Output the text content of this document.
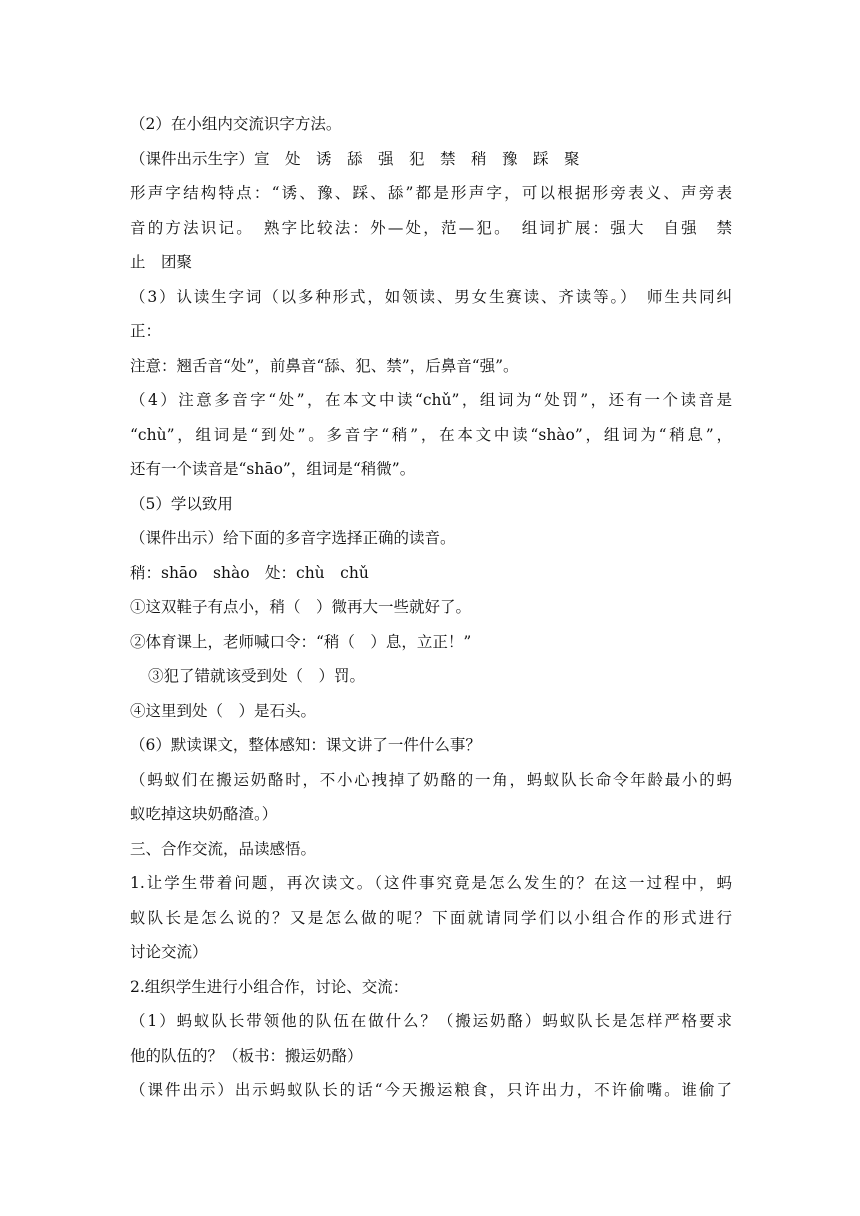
（2）在小组内交流识字方法。
（课件出示生字）宣　处　诱　舔　强　犯　禁　稍　豫　踩　聚
形声字结构特点：“诱、豫、踩、舔”都是形声字，可以根据形旁表义、声旁表
音的方法识记。　熟字比较法：外—处，范—犯。　组词扩展：强大　自强　禁
止　团聚
（3）认读生字词（以多种形式，如领读、男女生赛读、齐读等。）　师生共同纠
正：
注意：翘舌音“处”，前鼻音“舔、犯、禁”，后鼻音“强”。
（4）注意多音字“处”，在本文中读“chǔ”，组词为“处罚”，还有一个读音是
“chù”，组词是“到处”。多音字“稍”，在本文中读“shào”，组词为“稍息”，
还有一个读音是“shāo”，组词是“稍微”。
（5）学以致用
（课件出示）给下面的多音字选择正确的读音。
稍：shāo　shào　处：chù　chǔ
①这双鞋子有点小，稍（　）微再大一些就好了。
②体育课上，老师喊口令：“稍（　）息，立正！”
③犯了错就该受到处（　）罚。
④这里到处（　）是石头。
（6）默读课文，整体感知：课文讲了一件什么事？
（蚂蚁们在搬运奶酪时，不小心拽掉了奶酪的一角，蚂蚁队长命令年龄最小的蚂
蚁吃掉这块奶酪渣。）
三、合作交流，品读感悟。
1.让学生带着问题，再次读文。（这件事究竟是怎么发生的？在这一过程中，蚂
蚁队长是怎么说的？又是怎么做的呢？下面就请同学们以小组合作的形式进行
讨论交流）
2.组织学生进行小组合作，讨论、交流：
（1）蚂蚁队长带领他的队伍在做什么？（搬运奶酪）蚂蚁队长是怎样严格要求
他的队伍的？（板书：搬运奶酪）
（课件出示）出示蚂蚁队长的话“今天搬运粮食，只许出力，不许偷嘴。谁偷了
